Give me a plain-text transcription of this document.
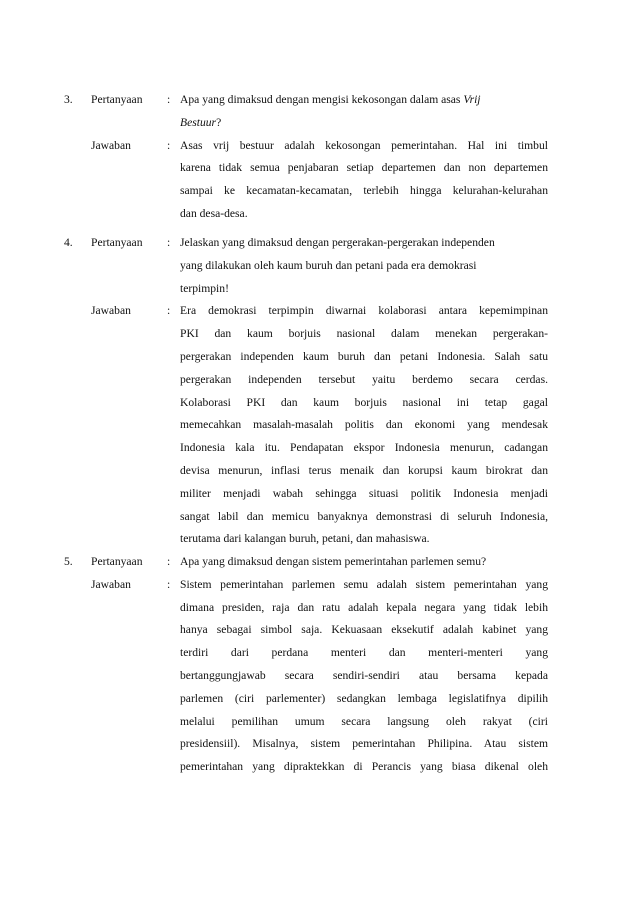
3. Pertanyaan : Apa yang dimaksud dengan mengisi kekosongan dalam asas Vrij
Bestuur?
Jawaban	: Asas vrij bestuur adalah kekosongan pemerintahan. Hal ini timbul
karena tidak semua penjabaran setiap departemen dan non departemen
sampai ke kecamatan-kecamatan, terlebih hingga kelurahan-kelurahan
dan desa-desa.
4. Pertanyaan : Jelaskan yang dimaksud dengan pergerakan-pergerakan independen
yang dilakukan oleh kaum buruh dan petani pada era demokrasi
terpimpin!
Jawaban	: Era demokrasi terpimpin diwarnai kolaborasi antara kepemimpinan
PKI dan kaum borjuis nasional dalam menekan pergerakan-
pergerakan independen kaum buruh dan petani Indonesia. Salah satu
pergerakan independen tersebut yaitu berdemo secara cerdas.
Kolaborasi PKI dan kaum borjuis nasional ini tetap gagal
memecahkan masalah-masalah politis dan ekonomi yang mendesak
Indonesia kala itu. Pendapatan ekspor Indonesia menurun, cadangan
devisa menurun, inflasi terus menaik dan korupsi kaum birokrat dan
militer menjadi wabah sehingga situasi politik Indonesia menjadi
sangat labil dan memicu banyaknya demonstrasi di seluruh Indonesia,
terutama dari kalangan buruh, petani, dan mahasiswa.
5. Pertanyaan : Apa yang dimaksud dengan sistem pemerintahan parlemen semu?
Jawaban	: Sistem pemerintahan parlemen semu adalah sistem pemerintahan yang
dimana presiden, raja dan ratu adalah kepala negara yang tidak lebih
hanya sebagai simbol saja. Kekuasaan eksekutif adalah kabinet yang
terdiri dari perdana menteri dan menteri-menteri yang
bertanggungjawab secara sendiri-sendiri atau bersama kepada
parlemen (ciri parlementer) sedangkan lembaga legislatifnya dipilih
melalui pemilihan umum secara langsung oleh rakyat (ciri
presidensiil). Misalnya, sistem pemerintahan Philipina. Atau sistem
pemerintahan yang dipraktekkan di Perancis yang biasa dikenal oleh
